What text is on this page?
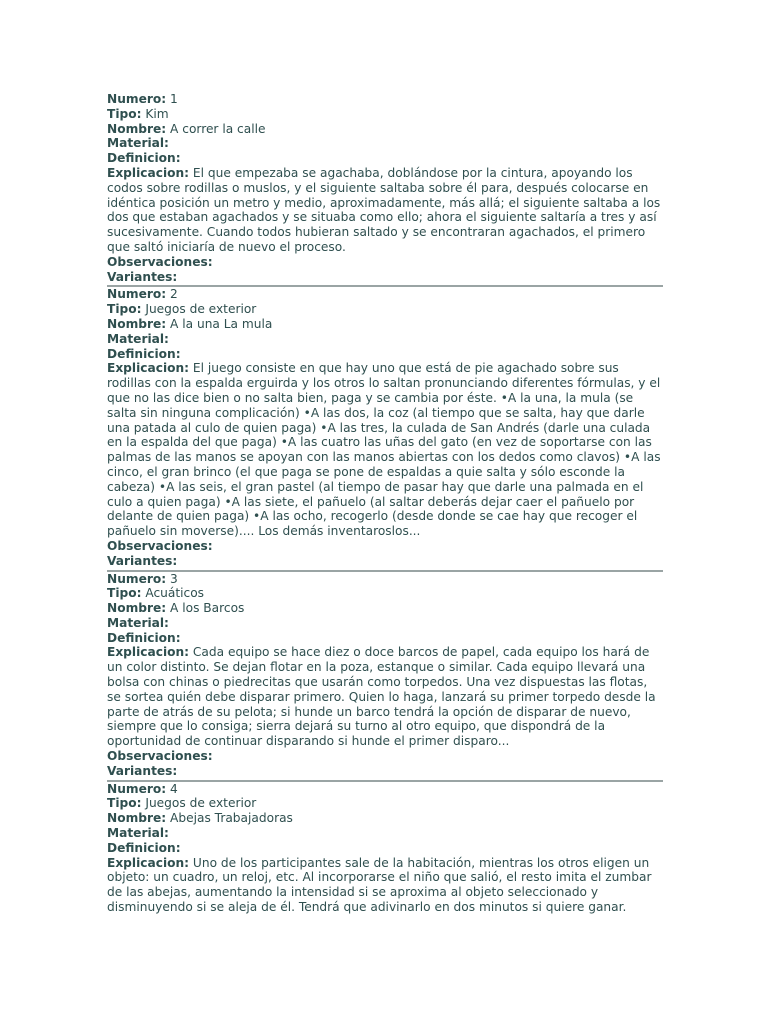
Numero: 1

Tipo: Kim

Nombre: A correr la calle

Material:

Definicion:

Explicacion: El que empezaba se agachaba, doblándose por la cintura, apoyando los codos sobre rodillas o muslos, y el siguiente saltaba sobre él para, después colocarse en idéntica posición un metro y medio, aproximadamente, más allá; el siguiente saltaba a los dos que estaban agachados y se situaba como ello; ahora el siguiente saltaría a tres y así sucesivamente. Cuando todos hubieran saltado y se encontraran agachados, el primero que saltó iniciaría de nuevo el proceso.

Observaciones:

Variantes:

Numero: 2

Tipo: Juegos de exterior

Nombre: A la una La mula

Material:

Definicion:

Explicacion: El juego consiste en que hay uno que está de pie agachado sobre sus rodillas con la espalda erguirda y los otros lo saltan pronunciando diferentes fórmulas, y el que no las dice bien o no salta bien, paga y se cambia por éste. •A la una, la mula (se salta sin ninguna complicación) •A las dos, la coz (al tiempo que se salta, hay que darle una patada al culo de quien paga) •A las tres, la culada de San Andrés (darle una culada en la espalda del que paga) •A las cuatro las uñas del gato (en vez de soportarse con las palmas de las manos se apoyan con las manos abiertas con los dedos como clavos) •A las cinco, el gran brinco (el que paga se pone de espaldas a quie salta y sólo esconde la cabeza) •A las seis, el gran pastel (al tiempo de pasar hay que darle una palmada en el culo a quien paga) •A las siete, el pañuelo (al saltar deberás dejar caer el pañuelo por delante de quien paga) •A las ocho, recogerlo (desde donde se cae hay que recoger el pañuelo sin moverse).... Los demás inventaroslos...

Observaciones:

Variantes:

Numero: 3

Tipo: Acuáticos

Nombre: A los Barcos

Material:

Definicion:

Explicacion: Cada equipo se hace diez o doce barcos de papel, cada equipo los hará de un color distinto. Se dejan flotar en la poza, estanque o similar. Cada equipo llevará una bolsa con chinas o piedrecitas que usarán como torpedos. Una vez dispuestas las flotas, se sortea quién debe disparar primero. Quien lo haga, lanzará su primer torpedo desde la parte de atrás de su pelota; si hunde un barco tendrá la opción de disparar de nuevo, siempre que lo consiga; sierra dejará su turno al otro equipo, que dispondrá de la oportunidad de continuar disparando si hunde el primer disparo...

Observaciones:

Variantes:

Numero: 4

Tipo: Juegos de exterior

Nombre: Abejas Trabajadoras

Material:

Definicion:

Explicacion: Uno de los participantes sale de la habitación, mientras los otros eligen un objeto: un cuadro, un reloj, etc. Al incorporarse el niño que salió, el resto imita el zumbar de las abejas, aumentando la intensidad si se aproxima al objeto seleccionado y disminuyendo si se aleja de él. Tendrá que adivinarlo en dos minutos si quiere ganar.
